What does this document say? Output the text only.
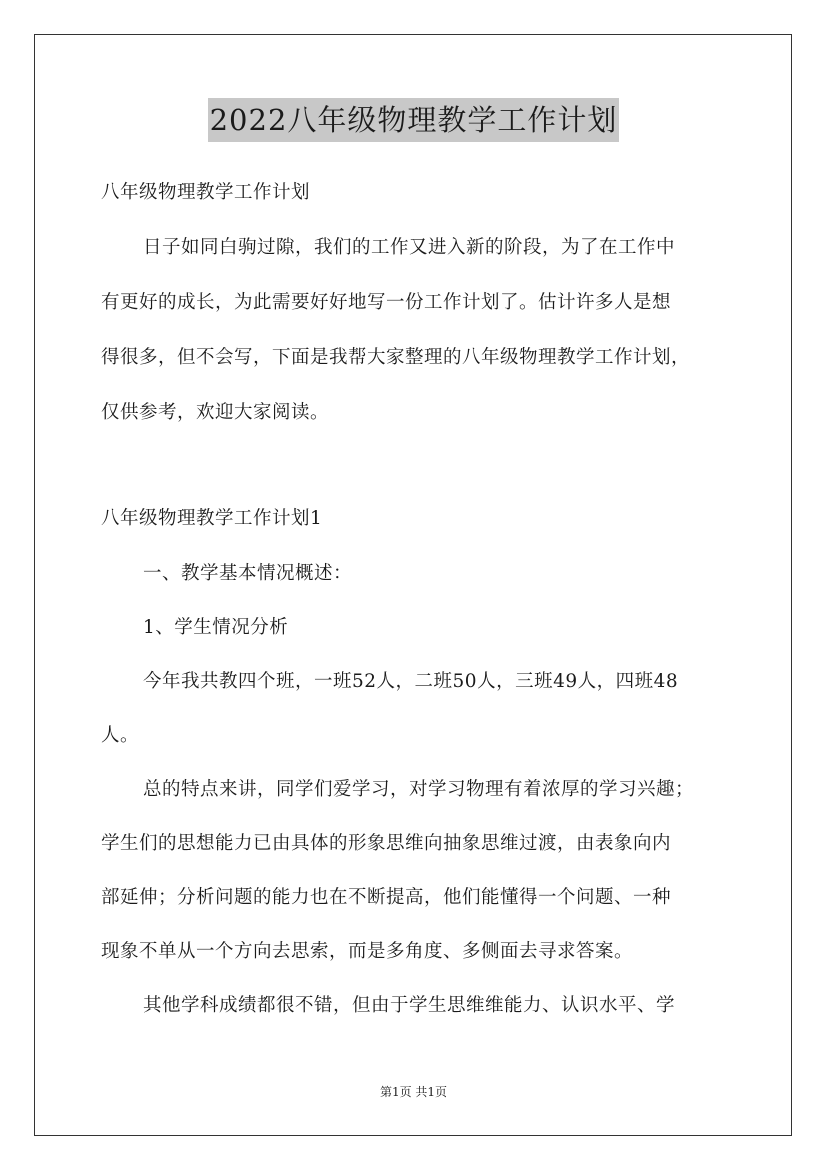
2022八年级物理教学工作计划
八年级物理教学工作计划
日子如同白驹过隙，我们的工作又进入新的阶段，为了在工作中
有更好的成长，为此需要好好地写一份工作计划了。估计许多人是想
得很多，但不会写，下面是我帮大家整理的八年级物理教学工作计划，
仅供参考，欢迎大家阅读。
八年级物理教学工作计划1
一、教学基本情况概述：
1、学生情况分析
今年我共教四个班，一班52人，二班50人，三班49人，四班48
人。
总的特点来讲，同学们爱学习，对学习物理有着浓厚的学习兴趣；
学生们的思想能力已由具体的形象思维向抽象思维过渡，由表象向内
部延伸；分析问题的能力也在不断提高，他们能懂得一个问题、一种
现象不单从一个方向去思索，而是多角度、多侧面去寻求答案。
其他学科成绩都很不错，但由于学生思维维能力、认识水平、学
第1页 共1页
